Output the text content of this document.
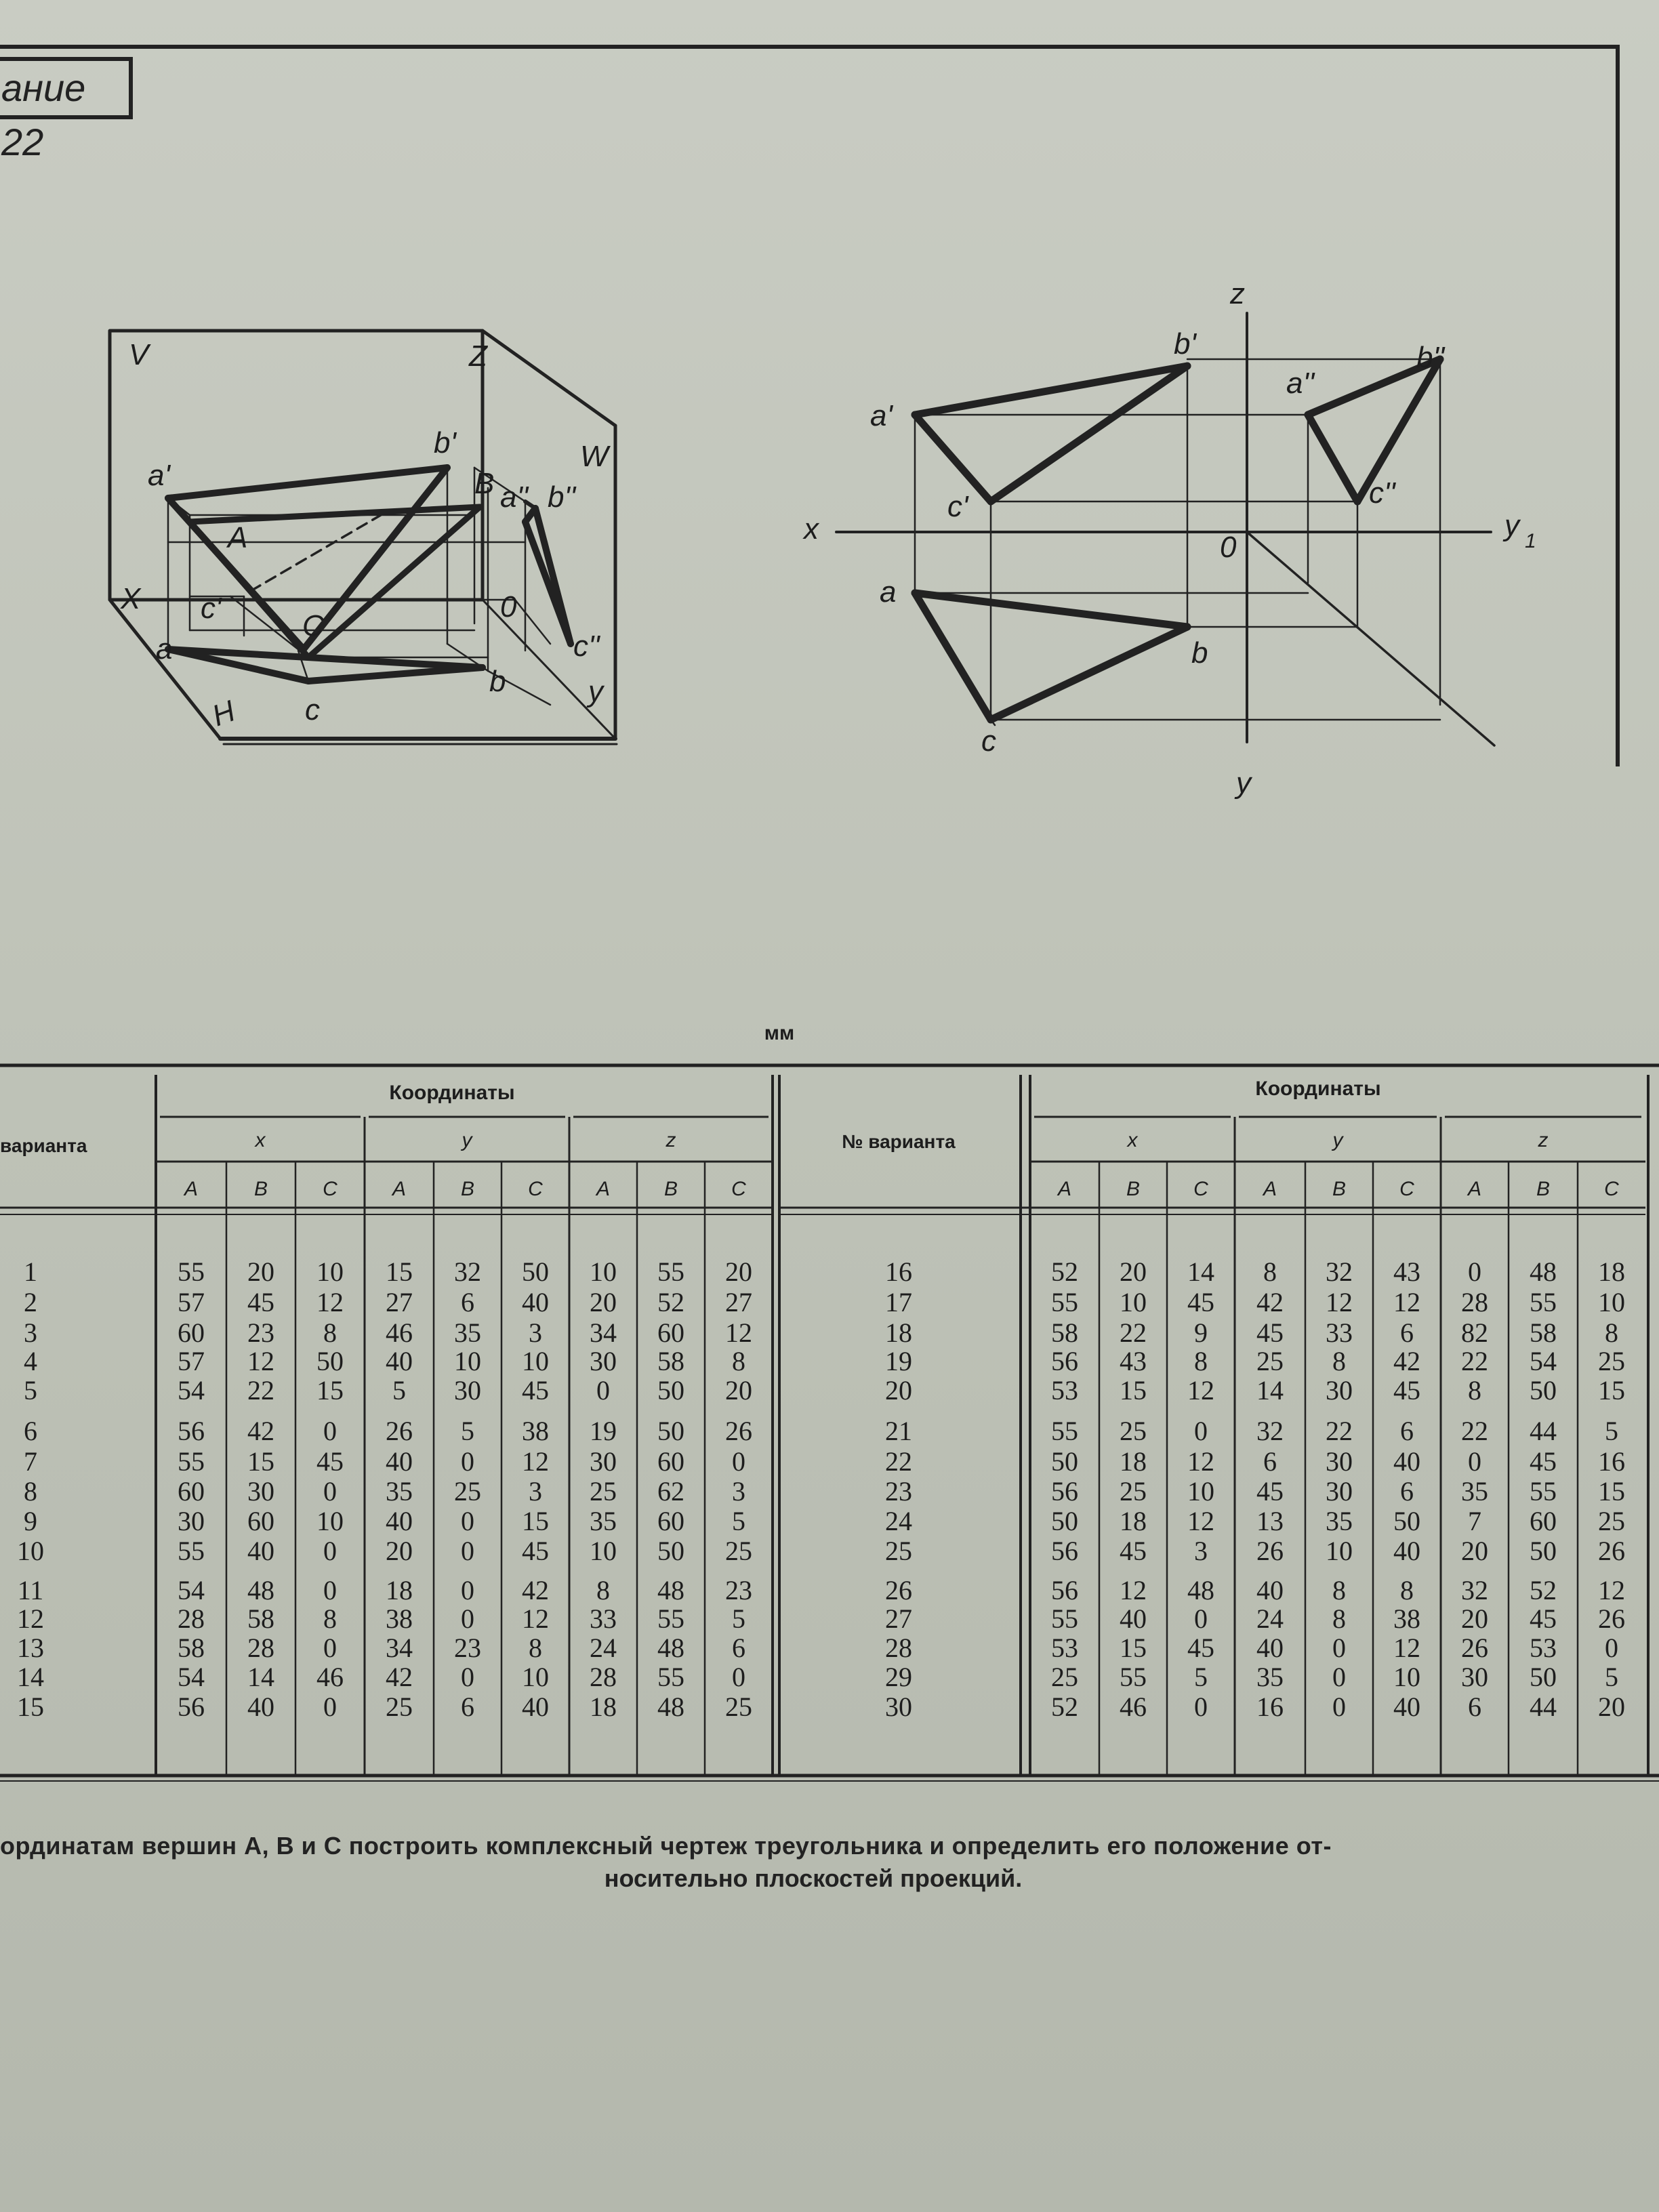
ание 22
V	Z
W
X
H
y
a'
b'
c'
a'' b''
c''
a
b
c
A
B
C
0
z
x	y 1
y
0
a'
b'
c'
a''
b''
c''
a
b
c
мм
варианта	№ варианта
Координаты	Координаты
x
A	B	C
y
A	B	C
z
A	B	C
x
A	B	C
y
A	B	C
z
A	B	C
1	55 20 10 15 32 50 10 55 20
2	57 45 12 27 6 40 20 52 27
3	60 23 8 46 35 3 34 60 12
4	57 12 50 40 10 10 30 58 8
5	54 22 15 5 30 45 0 50 20
6	56 42 0 26 5 38 19 50 26
7	55 15 45 40 0 12 30 60 0
8	60 30 0 35 25 3 25 62 3
9	30 60 10 40 0 15 35 60 5
10	55 40 0 20 0 45 10 50 25
11	54 48 0 18 0 42 8 48 23
12	28 58 8 38 0 12 33 55 5
13	58 28 0 34 23 8 24 48 6
14	54 14 46 42 0 10 28 55 0
15	56 40 0 25 6 40 18 48 25
16	52 20 14 8 32 43 0 48 18
17	55 10 45 42 12 12 28 55 10
18	58 22 9 45 33 6 82 58 8
19	56 43 8 25 8 42 22 54 25
20	53 15 12 14 30 45 8 50 15
21	55 25 0 32 22 6 22 44 5
22	50 18 12 6 30 40 0 45 16
23	56 25 10 45 30 6 35 55 15
24	50 18 12 13 35 50 7 60 25
25	56 45 3 26 10 40 20 50 26
26	56 12 48 40 8 8 32 52 12
27	55 40 0 24 8 38 20 45 26
28	53 15 45 40 0 12 26 53 0
29	25 55 5 35 0 10 30 50 5
30	52 46 0 16 0 40 6 44 20
ординатам вершин A, B и C построить комплексный чертеж треугольника и определить его положение от-
носительно плоскостей проекций.
